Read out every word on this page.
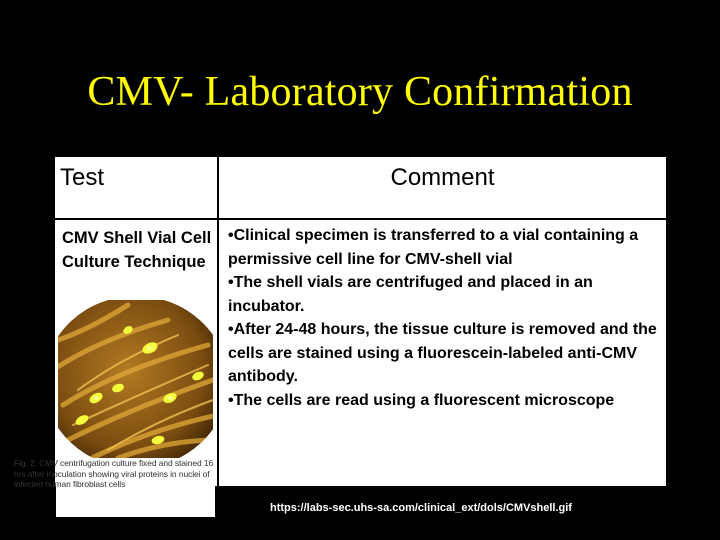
CMV- Laboratory Confirmation
Test	Comment
CMV Shell Vial Cell Culture Technique

•Clinical specimen is transferred to a vial containing a permissive cell line for CMV-shell vial

•The shell vials are centrifuged and placed in an incubator.

•After 24-48 hours, the tissue culture is removed and the cells are stained using a fluorescein-labeled anti-CMV antibody.

•The cells are read using a fluorescent microscope

Fig. 2. CMV centrifugation culture fixed and stained 16 hrs after inoculation showing viral proteins in nuclei of infected human fibroblast cells
https://labs-sec.uhs-sa.com/clinical_ext/dols/CMVshell.gif
